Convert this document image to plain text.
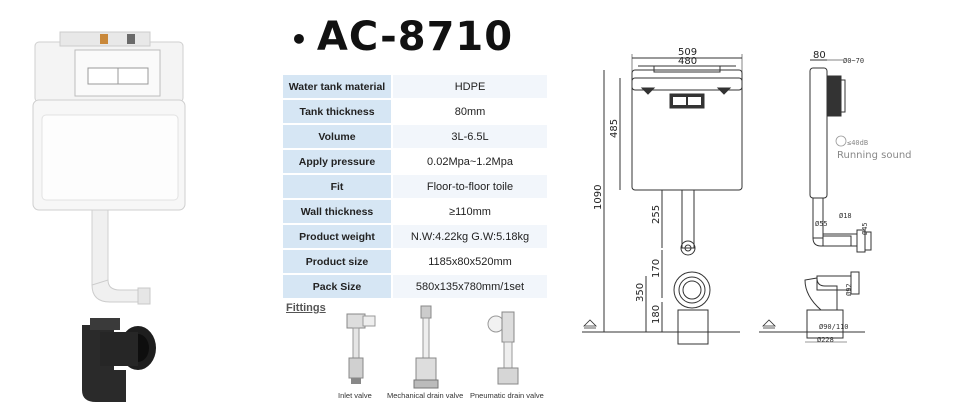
• AC-8710
Water tank material	HDPE
Tank thickness	80mm
Volume	3L-6.5L
Apply pressure	0.02Mpa~1.2Mpa
Fit	Floor-to-floor toile
Wall thickness	≥110mm
Product weight	N.W:4.22kg G.W:5.18kg
Product size	1185x80x520mm
Pack Size	580x135x780mm/1set
Fittings
Inlet valve Mechanical drain valve Pneumatic drain valve
509
480
485
1090
255
170
350
180
80 Ø0~70
Ø55
Ø18
Ø45
≤40dB
Running sound
Ø92
Ø90/110
Ø228
